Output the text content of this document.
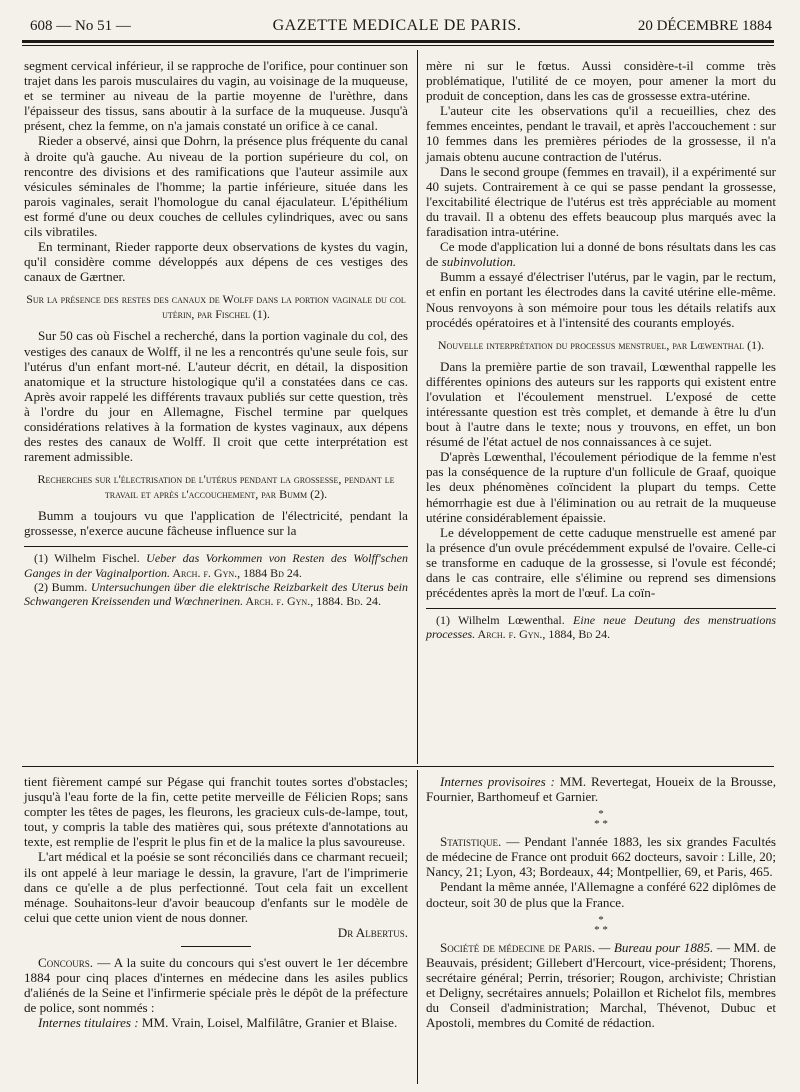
608 — No 51 —	GAZETTE MEDICALE DE PARIS.	20 DÉCEMBRE 1884

segment cervical inférieur, il se rapproche de l'orifice, pour continuer son trajet dans les parois musculaires du vagin, au voisinage de la muqueuse, et se terminer au niveau de la partie moyenne de l'urèthre, dans l'épaisseur des tissus, sans aboutir à la surface de la muqueuse. Jusqu'à présent, chez la femme, on n'a jamais constaté un orifice à ce canal.

Rieder a observé, ainsi que Dohrn, la présence plus fréquente du canal à droite qu'à gauche. Au niveau de la portion supérieure du col, on rencontre des divisions et des ramifications que l'auteur assimile aux vésicules séminales de l'homme; la partie inférieure, située dans les parois vaginales, serait l'homologue du canal éjaculateur. L'épithélium est formé d'une ou deux couches de cellules cylindriques, avec ou sans cils vibratiles.

En terminant, Rieder rapporte deux observations de kystes du vagin, qu'il considère comme développés aux dépens de ces vestiges des canaux de Gærtner.

Sur la présence des restes des canaux de Wolff dans la portion vaginale du col utérin, par Fischel (1).

Sur 50 cas où Fischel a recherché, dans la portion vaginale du col, des vestiges des canaux de Wolff, il ne les a rencontrés qu'une seule fois, sur l'utérus d'un enfant mort-né. L'auteur décrit, en détail, la disposition anatomique et la structure histologique qu'il a constatées dans ce cas. Après avoir rappelé les différents travaux publiés sur cette question, très à l'ordre du jour en Allemagne, Fischel termine par quelques considérations relatives à la formation de kystes vaginaux, aux dépens des restes des canaux de Wolff. Il croit que cette interprétation est rarement admissible.

Recherches sur l'électrisation de l'utérus pendant la grossesse, pendant le travail et après l'accouchement, par Bumm (2).

Bumm a toujours vu que l'application de l'électricité, pendant la grossesse, n'exerce aucune fâcheuse influence sur la

(1) Wilhelm Fischel. Ueber das Vorkommen von Resten des Wolff'schen Ganges in der Vaginalportion. Arch. f. Gyn., 1884 Bd 24.

(2) Bumm. Untersuchungen über die elektrische Reizbarkeit des Uterus bein Schwangeren Kreissenden und Wœchnerinen. Arch. f. Gyn., 1884. Bd. 24.

mère ni sur le fœtus. Aussi considère-t-il comme très problématique, l'utilité de ce moyen, pour amener la mort du produit de conception, dans les cas de grossesse extra-utérine.

L'auteur cite les observations qu'il a recueillies, chez des femmes enceintes, pendant le travail, et après l'accouchement : sur 10 femmes dans les premières périodes de la grossesse, il n'a jamais obtenu aucune contraction de l'utérus.

Dans le second groupe (femmes en travail), il a expérimenté sur 40 sujets. Contrairement à ce qui se passe pendant la grossesse, l'excitabilité électrique de l'utérus est très appréciable au moment du travail. Il a obtenu des effets beaucoup plus marqués avec la faradisation intra-utérine.

Ce mode d'application lui a donné de bons résultats dans les cas de subinvolution.

Bumm a essayé d'électriser l'utérus, par le vagin, par le rectum, et enfin en portant les électrodes dans la cavité utérine elle-même. Nous renvoyons à son mémoire pour tous les détails relatifs aux procédés opératoires et à l'intensité des courants employés.

Nouvelle interprétation du processus menstruel, par Lœwenthal (1).

Dans la première partie de son travail, Lœwenthal rappelle les différentes opinions des auteurs sur les rapports qui existent entre l'ovulation et l'écoulement menstruel. L'exposé de cette intéressante question est très complet, et demande à être lu d'un bout à l'autre dans le texte; nous y trouvons, en effet, un bon résumé de l'état actuel de nos connaissances à ce sujet.

D'après Lœwenthal, l'écoulement périodique de la femme n'est pas la conséquence de la rupture d'un follicule de Graaf, quoique les deux phénomènes coïncident la plupart du temps. Cette hémorrhagie est due à l'élimination ou au retrait de la muqueuse utérine considérablement épaissie.

Le développement de cette caduque menstruelle est amené par la présence d'un ovule précédemment expulsé de l'ovaire. Celle-ci se transforme en caduque de la grossesse, si l'ovule est fécondé; dans le cas contraire, elle s'élimine ou reprend ses dimensions précédentes après la mort de l'œuf. La coïn-

(1) Wilhelm Lœwenthal. Eine neue Deutung des menstruations processes. Arch. f. Gyn., 1884, Bd 24.

tient fièrement campé sur Pégase qui franchit toutes sortes d'obstacles; jusqu'à l'eau forte de la fin, cette petite merveille de Félicien Rops; sans compter les têtes de pages, les fleurons, les gracieux culs-de-lampe, tout, tout, y compris la table des matières qui, sous prétexte d'annotations au texte, est remplie de l'esprit le plus fin et de la malice la plus savoureuse.

L'art médical et la poésie se sont réconciliés dans ce charmant recueil; ils ont appelé à leur mariage le dessin, la gravure, l'art de l'imprimerie dans ce qu'elle a de plus perfectionné. Tout cela fait un excellent ménage. Souhaitons-leur d'avoir beaucoup d'enfants sur le modèle de celui que cette union vient de nous donner.

Dr Albertus.

Concours. — A la suite du concours qui s'est ouvert le 1er décembre 1884 pour cinq places d'internes en médecine dans les asiles publics d'aliénés de la Seine et l'infirmerie spéciale près le dépôt de la préfecture de police, sont nommés :

Internes titulaires : MM. Vrain, Loisel, Malfilâtre, Granier et Blaise.

Internes provisoires : MM. Revertegat, Houeix de la Brousse, Fournier, Barthomeuf et Garnier.

*
* *

Statistique. — Pendant l'année 1883, les six grandes Facultés de médecine de France ont produit 662 docteurs, savoir : Lille, 20; Nancy, 21; Lyon, 43; Bordeaux, 44; Montpellier, 69, et Paris, 465.

Pendant la même année, l'Allemagne a conféré 622 diplômes de docteur, soit 30 de plus que la France.

*
* *

Société de médecine de Paris. — Bureau pour 1885. — MM. de Beauvais, président; Gillebert d'Hercourt, vice-président; Thorens, secrétaire général; Perrin, trésorier; Rougon, archiviste; Christian et Deligny, secrétaires annuels; Polaillon et Richelot fils, membres du Conseil d'administration; Marchal, Thévenot, Dubuc et Apostoli, membres du Comité de rédaction.
